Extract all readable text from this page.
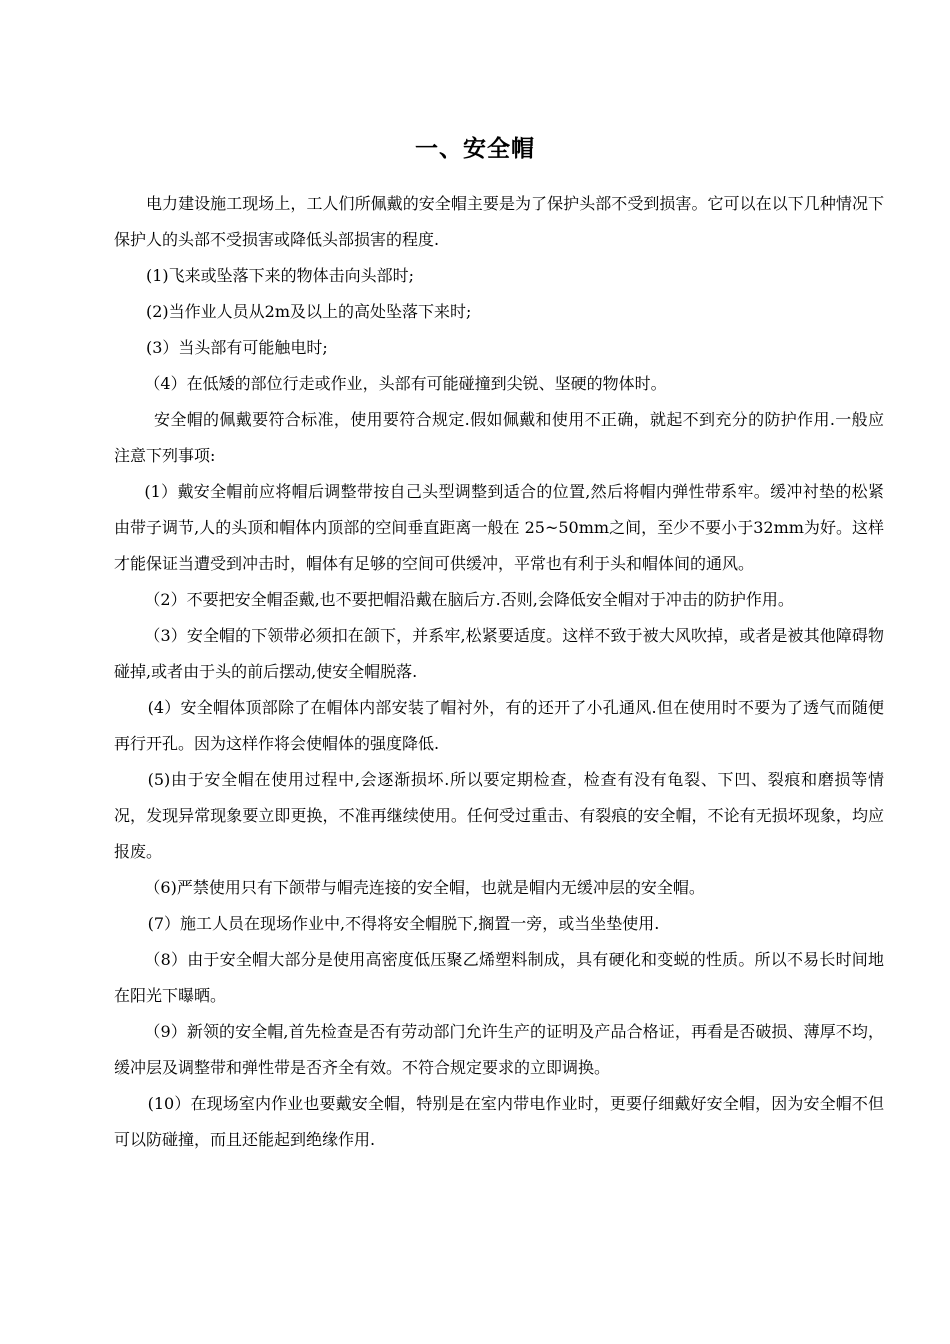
一、安全帽

电力建设施工现场上，工人们所佩戴的安全帽主要是为了保护头部不受到损害。它可以在以下几种情况下保护人的头部不受损害或降低头部损害的程度.

(1)飞来或坠落下来的物体击向头部时;

(2)当作业人员从2m及以上的高处坠落下来时;

(3）当头部有可能触电时;

（4）在低矮的部位行走或作业，头部有可能碰撞到尖锐、坚硬的物体时。

安全帽的佩戴要符合标准，使用要符合规定.假如佩戴和使用不正确，就起不到充分的防护作用.一般应注意下列事项:

(1）戴安全帽前应将帽后调整带按自己头型调整到适合的位置,然后将帽内弹性带系牢。缓冲衬垫的松紧由带子调节,人的头顶和帽体内顶部的空间垂直距离一般在 25~50mm之间，至少不要小于32mm为好。这样才能保证当遭受到冲击时，帽体有足够的空间可供缓冲，平常也有利于头和帽体间的通风。

（2）不要把安全帽歪戴,也不要把帽沿戴在脑后方.否则,会降低安全帽对于冲击的防护作用。

（3）安全帽的下领带必须扣在颌下，并系牢,松紧要适度。这样不致于被大风吹掉，或者是被其他障碍物碰掉,或者由于头的前后摆动,使安全帽脱落.

(4）安全帽体顶部除了在帽体内部安装了帽衬外，有的还开了小孔通风.但在使用时不要为了透气而随便再行开孔。因为这样作将会使帽体的强度降低.

(5)由于安全帽在使用过程中,会逐渐损坏.所以要定期检查，检查有没有龟裂、下凹、裂痕和磨损等情况，发现异常现象要立即更换，不准再继续使用。任何受过重击、有裂痕的安全帽，不论有无损坏现象，均应报废。

（6)严禁使用只有下颌带与帽壳连接的安全帽，也就是帽内无缓冲层的安全帽。

(7）施工人员在现场作业中,不得将安全帽脱下,搁置一旁，或当坐垫使用.

（8）由于安全帽大部分是使用高密度低压聚乙烯塑料制成，具有硬化和变蜕的性质。所以不易长时间地在阳光下曝晒。

（9）新领的安全帽,首先检查是否有劳动部门允许生产的证明及产品合格证，再看是否破损、薄厚不均，缓冲层及调整带和弹性带是否齐全有效。不符合规定要求的立即调换。

(10）在现场室内作业也要戴安全帽，特别是在室内带电作业时，更要仔细戴好安全帽，因为安全帽不但可以防碰撞，而且还能起到绝缘作用.
